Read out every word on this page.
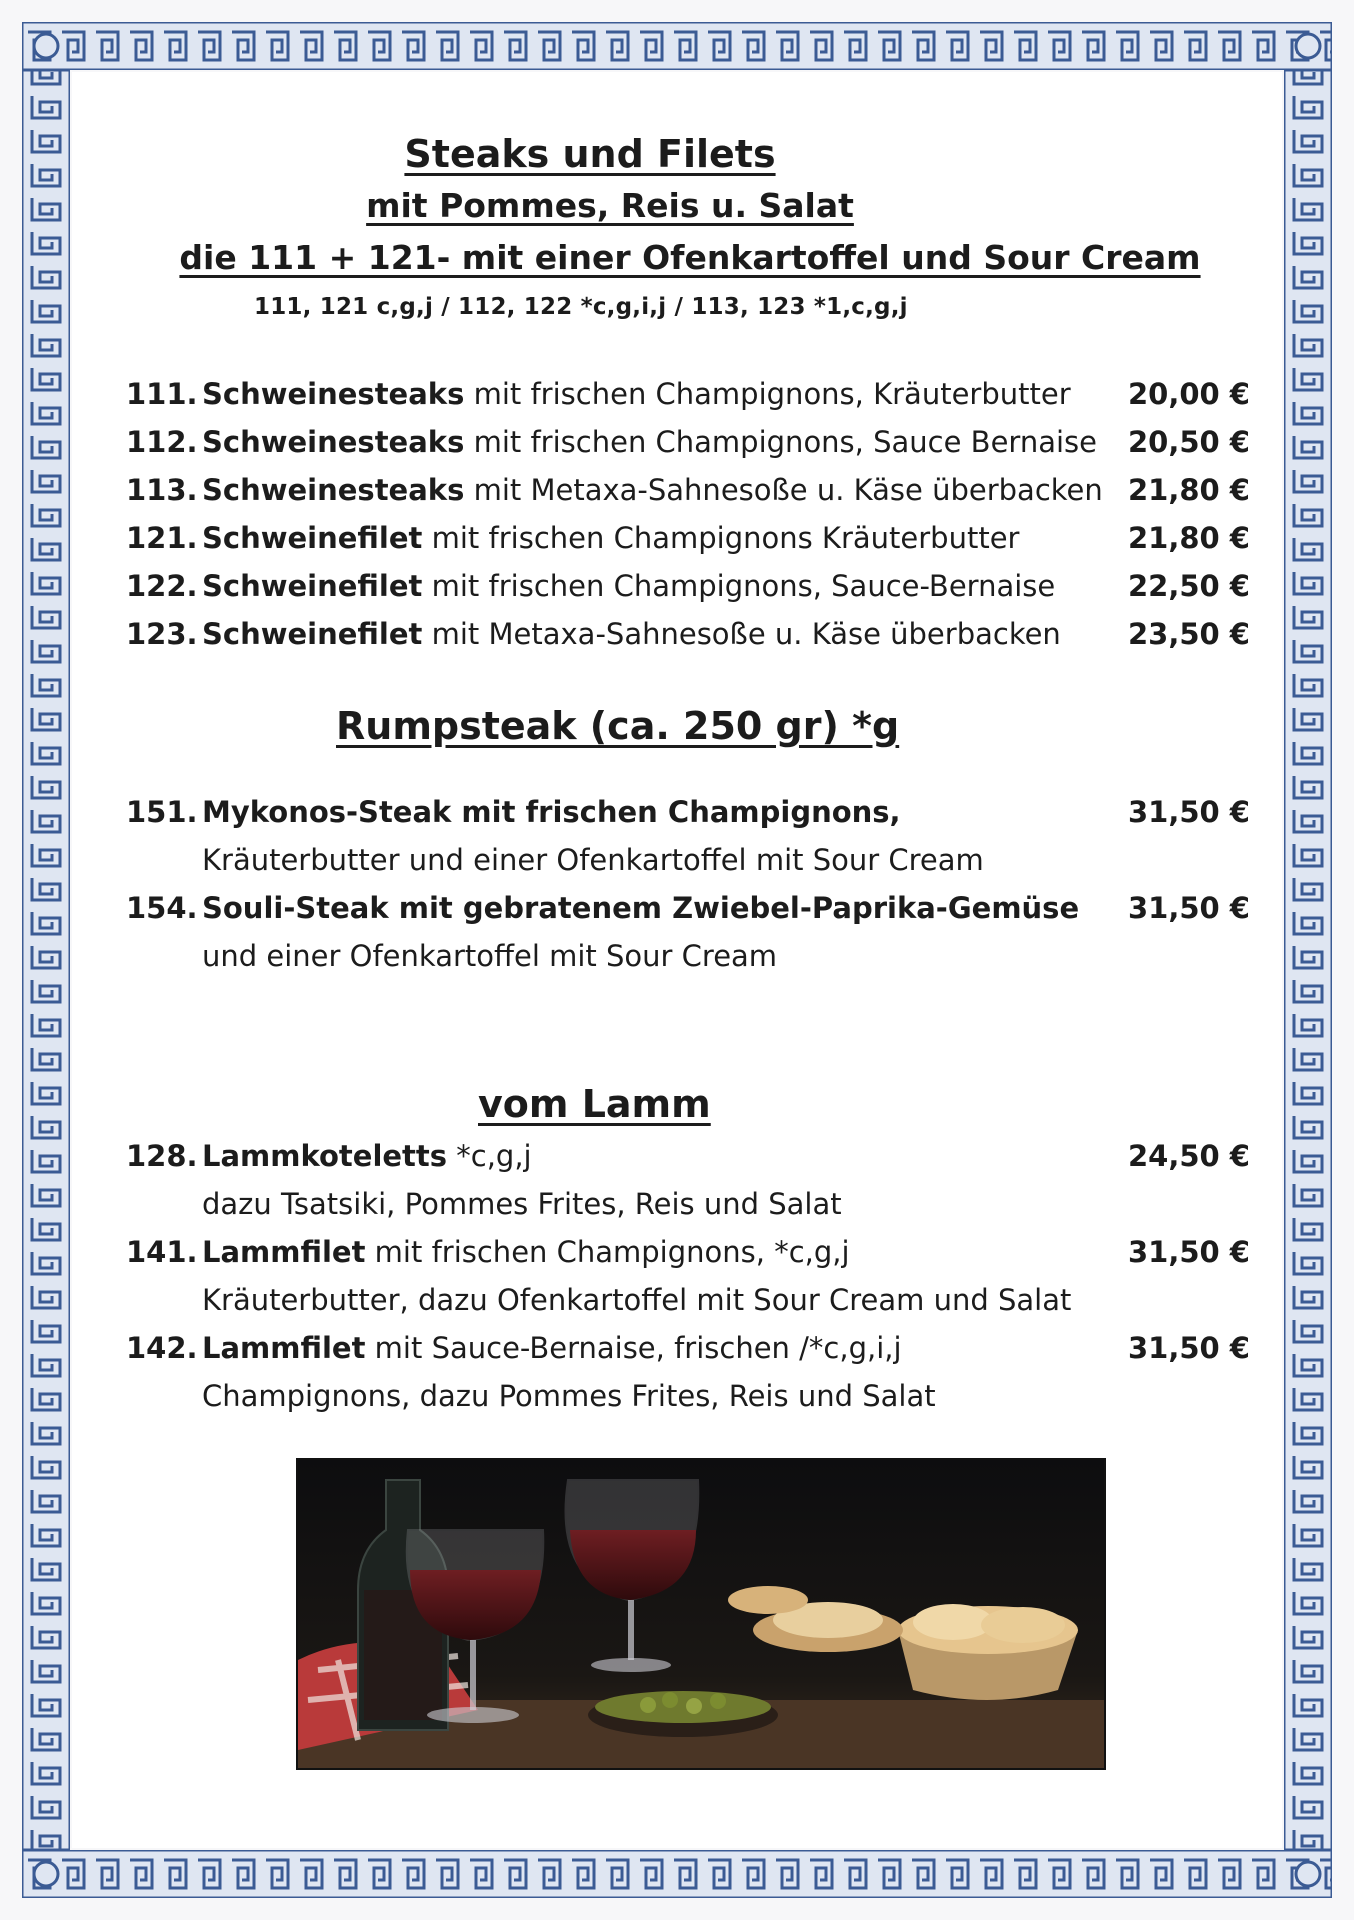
Steaks und Filets
mit Pommes, Reis u. Salat
die 111 + 121- mit einer Ofenkartoffel und Sour Cream
111, 121 c,g,j / 112, 122 *c,g,i,j / 113, 123 *1,c,g,j
111. Schweinesteaks mit frischen Champignons, Kräuterbutter 20,00 €
112. Schweinesteaks mit frischen Champignons, Sauce Bernaise 20,50 €
113. Schweinesteaks mit Metaxa-Sahnesoße u. Käse überbacken 21,80 €
121. Schweinefilet mit frischen Champignons Kräuterbutter	21,80 €
122. Schweinefilet mit frischen Champignons, Sauce-Bernaise	22,50 €
123. Schweinefilet mit Metaxa-Sahnesoße u. Käse überbacken 23,50 €
Rumpsteak (ca. 250 gr) *g
151. Mykonos-Steak mit frischen Champignons,	31,50 €
Kräuterbutter und einer Ofenkartoffel mit Sour Cream
154. Souli-Steak mit gebratenem Zwiebel-Paprika-Gemüse 31,50 €
und einer Ofenkartoffel mit Sour Cream
vom Lamm
128. Lammkoteletts *c,g,j	24,50 €
dazu Tsatsiki, Pommes Frites, Reis und Salat
141. Lammfilet mit frischen Champignons, *c,g,j	31,50 €
Kräuterbutter, dazu Ofenkartoffel mit Sour Cream und Salat
142. Lammfilet mit Sauce-Bernaise, frischen /*c,g,i,j	31,50 €
Champignons, dazu Pommes Frites, Reis und Salat
